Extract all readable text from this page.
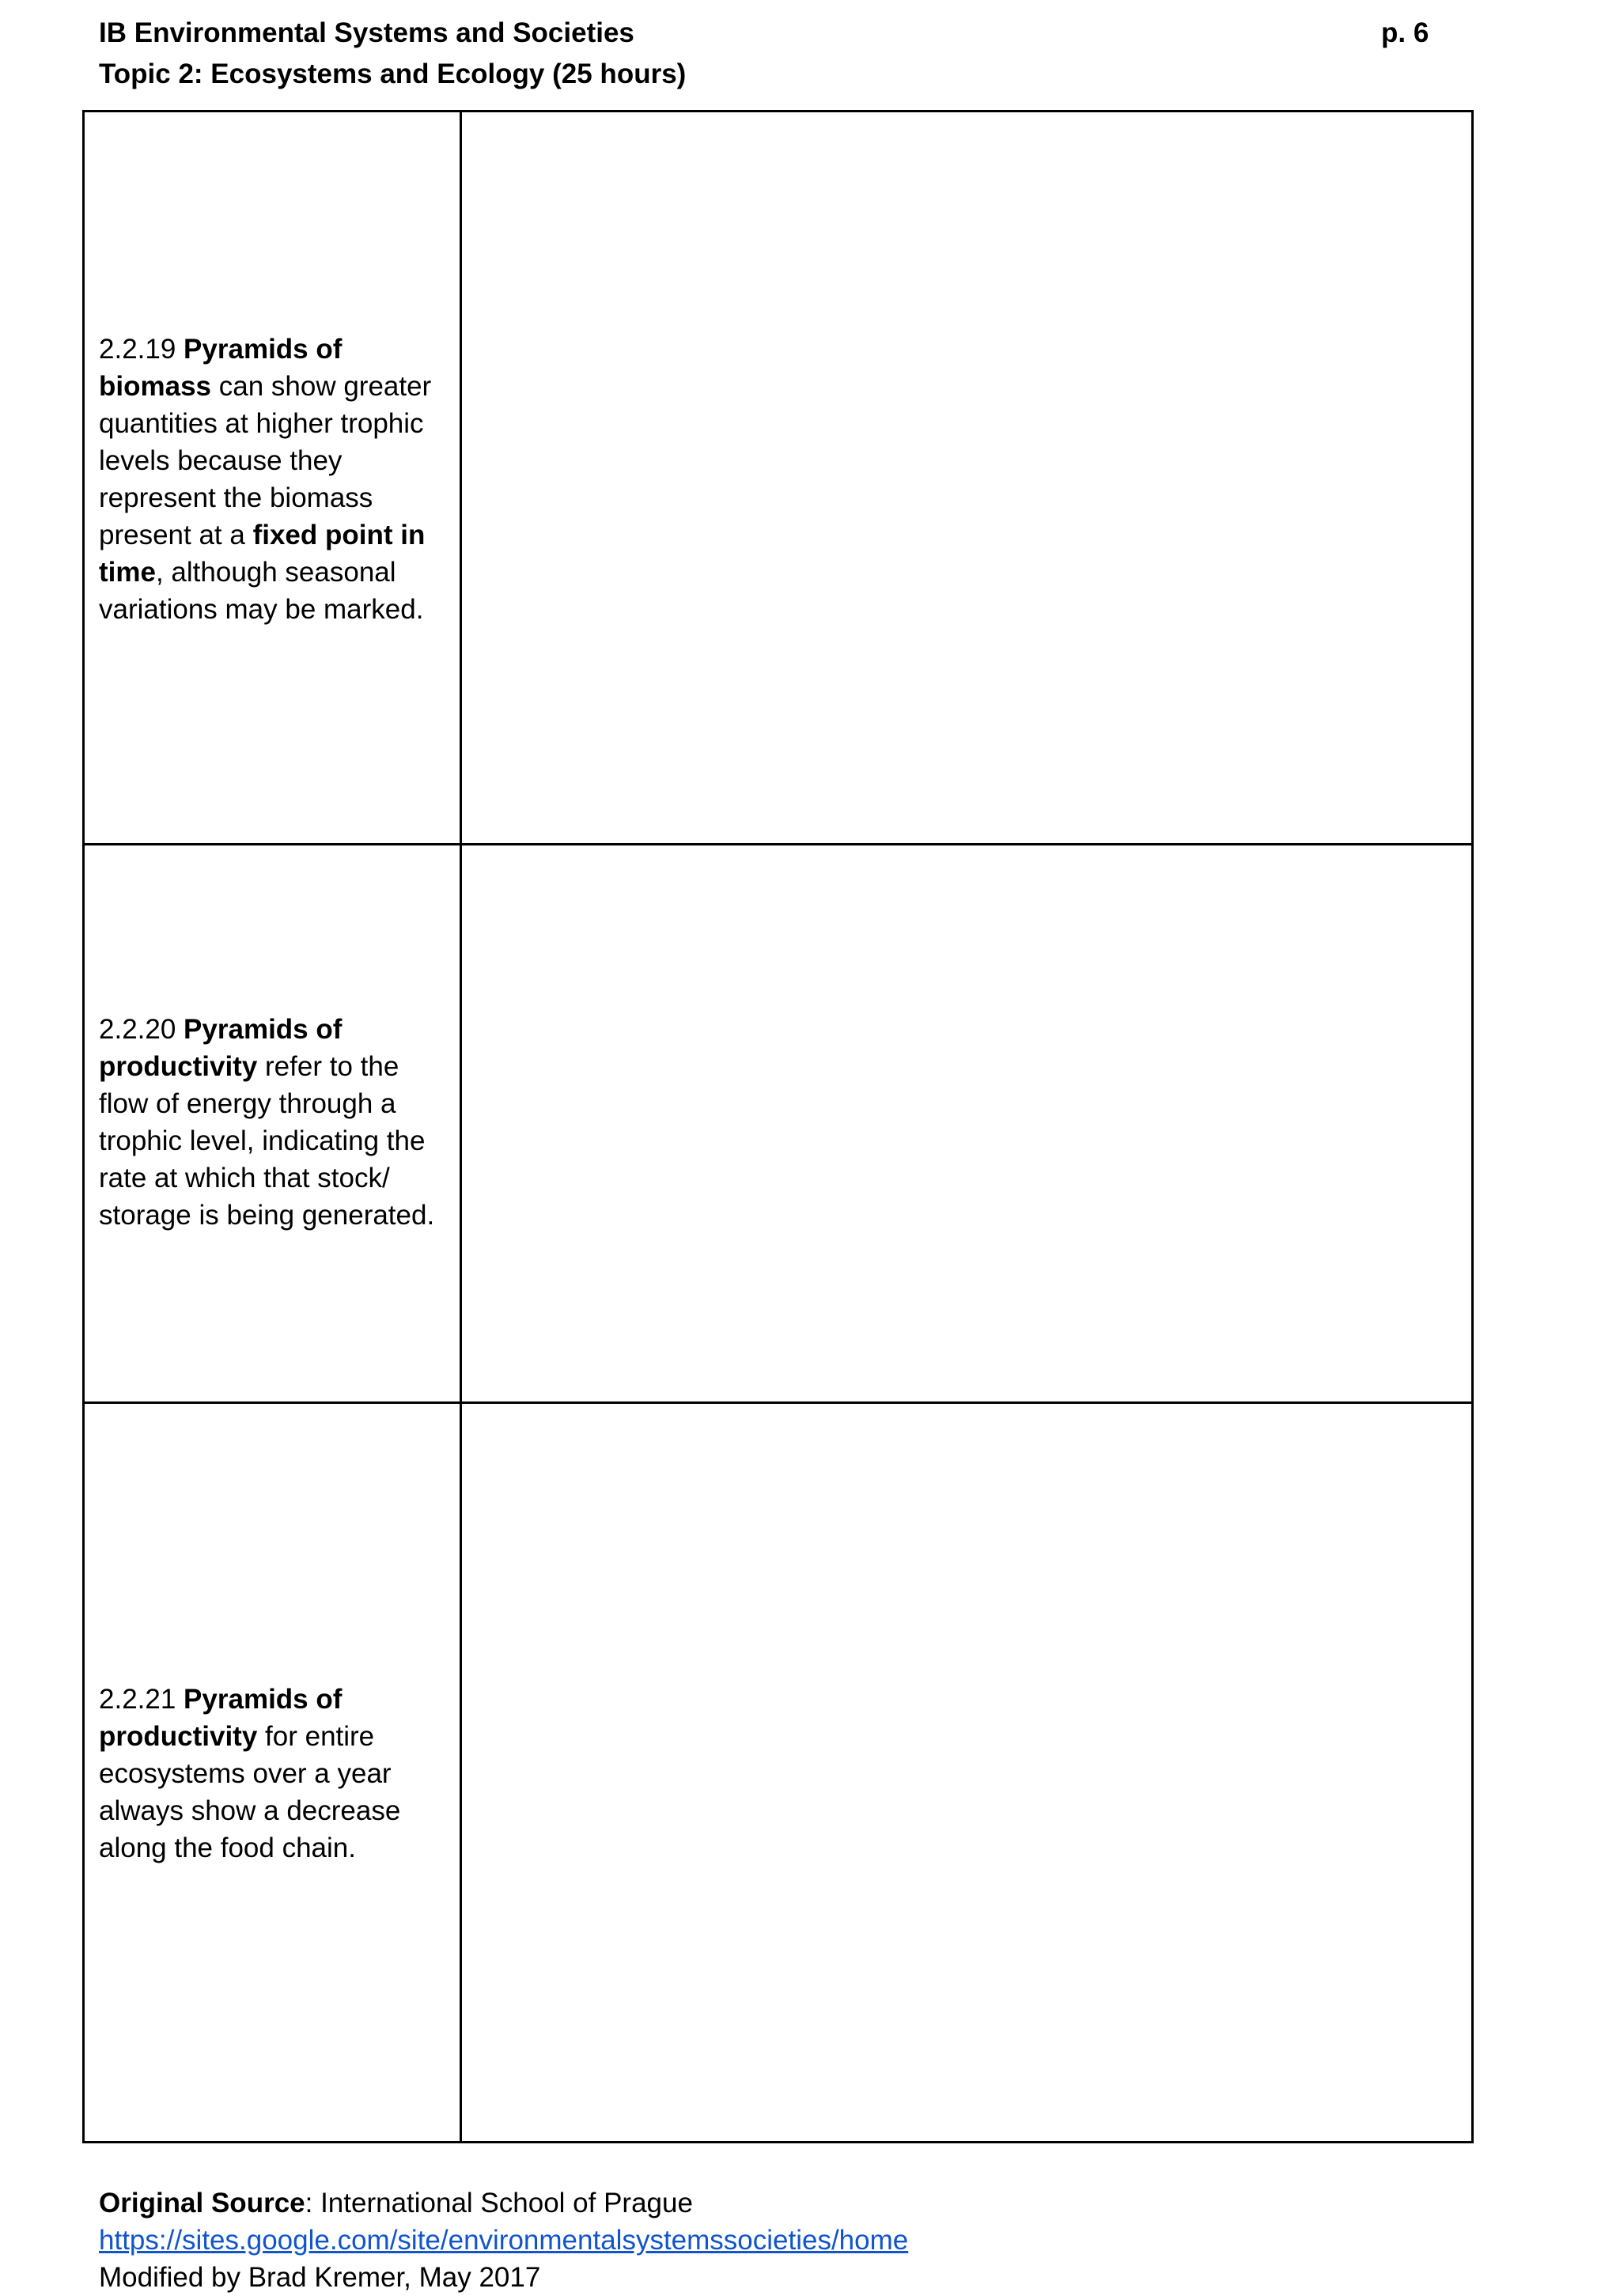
IB Environmental Systems and Societies
Topic 2: Ecosystems and Ecology (25 hours)
p. 6
2.2.19 Pyramids of biomass can show greater quantities at higher trophic levels because they represent the biomass present at a fixed point in time, although seasonal variations may be marked.
2.2.20 Pyramids of productivity refer to the flow of energy through a trophic level, indicating the rate at which that stock/ storage is being generated.
2.2.21 Pyramids of productivity for entire ecosystems over a year always show a decrease along the food chain.
Original Source: International School of Prague
https://sites.google.com/site/environmentalsystemssocieties/home
Modified by Brad Kremer, May 2017
